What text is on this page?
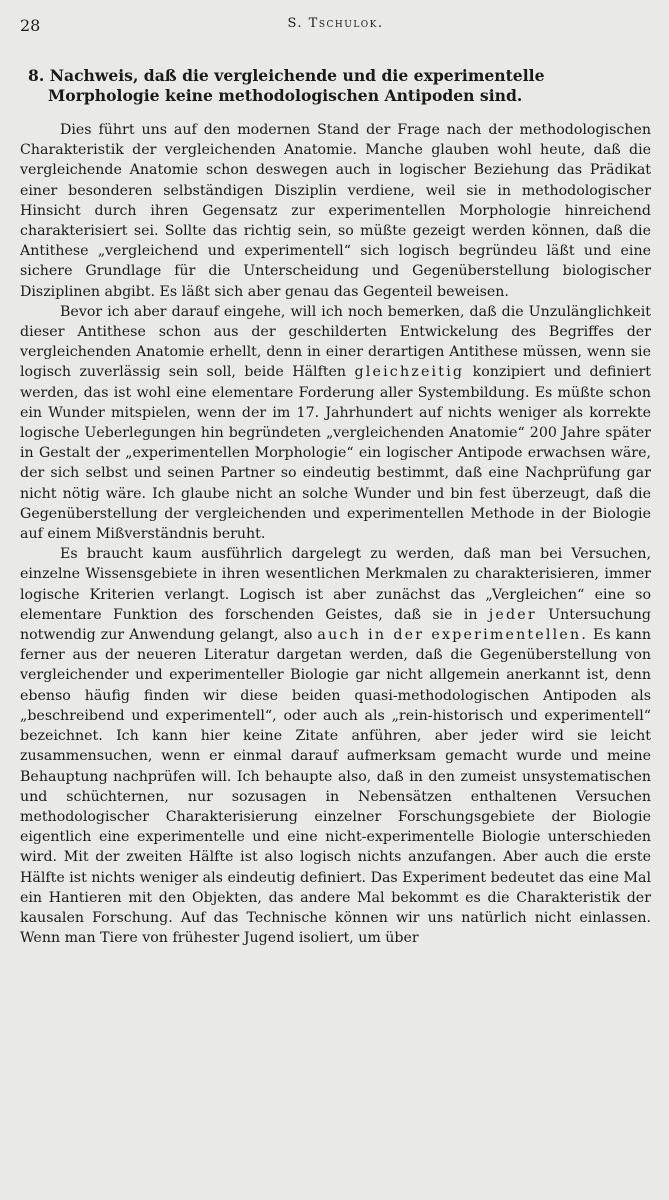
28	S. Tschulok.
8. Nachweis, daß die vergleichende und die experimentelle
Morphologie keine methodologischen Antipoden sind.

Dies führt uns auf den modernen Stand der Frage nach der methodologischen Charakteristik der vergleichenden Anatomie. Manche glauben wohl heute, daß die vergleichende Anatomie schon deswegen auch in logischer Beziehung das Prädikat einer besonderen selbständigen Disziplin verdiene, weil sie in methodologischer Hinsicht durch ihren Gegensatz zur experimentellen Morphologie hinreichend charakterisiert sei. Sollte das richtig sein, so müßte gezeigt werden können, daß die Antithese „vergleichend und experimentell“ sich logisch begründeu läßt und eine sichere Grundlage für die Unterscheidung und Gegenüberstellung biologischer Disziplinen abgibt. Es läßt sich aber genau das Gegenteil beweisen.

Bevor ich aber darauf eingehe, will ich noch bemerken, daß die Unzulänglichkeit dieser Antithese schon aus der geschilderten Entwickelung des Begriffes der vergleichenden Anatomie erhellt, denn in einer derartigen Antithese müssen, wenn sie logisch zuverlässig sein soll, beide Hälften gleichzeitig konzipiert und definiert werden, das ist wohl eine elementare Forderung aller Systembildung. Es müßte schon ein Wunder mitspielen, wenn der im 17. Jahrhundert auf nichts weniger als korrekte logische Ueberlegungen hin begründeten „vergleichenden Anatomie“ 200 Jahre später in Gestalt der „experimentellen Morphologie“ ein logischer Antipode erwachsen wäre, der sich selbst und seinen Partner so eindeutig bestimmt, daß eine Nachprüfung gar nicht nötig wäre. Ich glaube nicht an solche Wunder und bin fest überzeugt, daß die Gegenüberstellung der vergleichenden und experimentellen Methode in der Biologie auf einem Mißverständnis beruht.

Es braucht kaum ausführlich dargelegt zu werden, daß man bei Versuchen, einzelne Wissensgebiete in ihren wesentlichen Merkmalen zu charakterisieren, immer logische Kriterien verlangt. Logisch ist aber zunächst das „Vergleichen“ eine so elementare Funktion des forschenden Geistes, daß sie in jeder Untersuchung notwendig zur Anwendung gelangt, also auch in der experimentellen. Es kann ferner aus der neueren Literatur dargetan werden, daß die Gegenüberstellung von vergleichender und experimenteller Biologie gar nicht allgemein anerkannt ist, denn ebenso häufig finden wir diese beiden quasi-methodologischen Antipoden als „beschreibend und experimentell“, oder auch als „rein-historisch und experimentell“ bezeichnet. Ich kann hier keine Zitate anführen, aber jeder wird sie leicht zusammensuchen, wenn er einmal darauf aufmerksam gemacht wurde und meine Behauptung nachprüfen will. Ich behaupte also, daß in den zumeist unsystematischen und schüchternen, nur sozusagen in Nebensätzen enthaltenen Versuchen methodologischer Charakterisierung einzelner Forschungsgebiete der Biologie eigentlich eine experimentelle und eine nicht-experimentelle Biologie unterschieden wird. Mit der zweiten Hälfte ist also logisch nichts anzufangen. Aber auch die erste Hälfte ist nichts weniger als eindeutig definiert. Das Experiment bedeutet das eine Mal ein Hantieren mit den Objekten, das andere Mal bekommt es die Charakteristik der kausalen Forschung. Auf das Technische können wir uns natürlich nicht einlassen. Wenn man Tiere von frühester Jugend isoliert, um über
